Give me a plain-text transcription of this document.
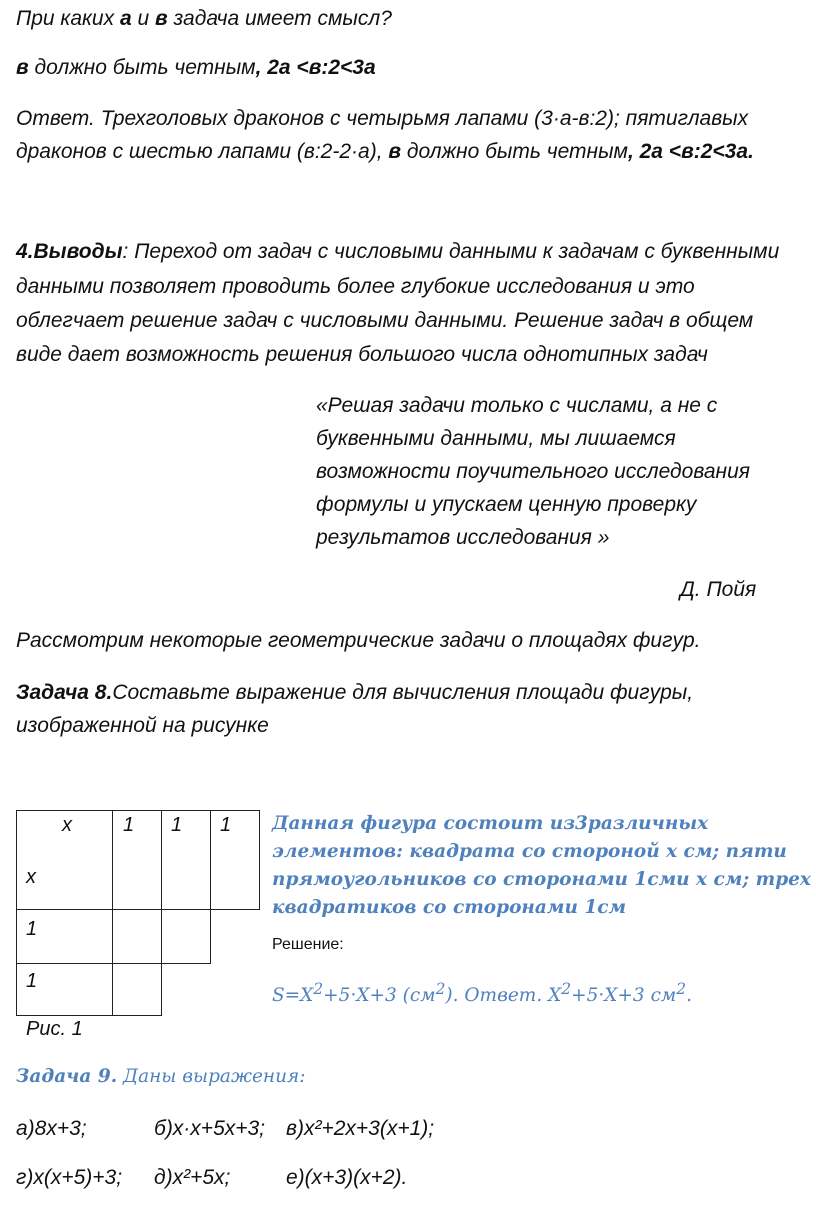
При каких а и в задача имеет смысл?

в должно быть четным, 2а <в:2<3а

Ответ. Трехголовых драконов с четырьмя лапами (3·а-в:2); пятиглавых

драконов с шестью лапами (в:2-2·а), в должно быть четным, 2а <в:2<3а.

4.Выводы: Переход от задач с числовыми данными к задачам с буквенными

данными позволяет проводить более глубокие исследования и это

облегчает решение задач с числовыми данными. Решение задач в общем

виде дает возможность решения большого числа однотипных задач

«Решая задачи только с числами, а не с
буквенными данными, мы лишаемся
возможности поучительного исследования
формулы и упускаем ценную проверку
результатов исследования »
Д. Пойя

Рассмотрим некоторые геометрические задачи о площадях фигур.

Задача 8.Составьте выражение для вычисления площади фигуры,

изображенной на рисунке

x	1 1 1
x
1
1
Рис. 1
Данная фигура состоит из3различных
элементов: квадрата со стороной х см; пяти
прямоугольников со сторонами 1сми х см; трех
квадратиков со сторонами 1см
Решение:
$S=X^2+5\cdot X+3$ $(см^2)$. Ответ. $X^2+5\cdot X+3$ $см^2$.
Задача 9. Даны выражения:
а)8х+3;	б)х·х+5х+3; в)х²+2х+3(х+1);
г)х(х+5)+3; д)х²+5х;	е)(х+3)(х+2).
